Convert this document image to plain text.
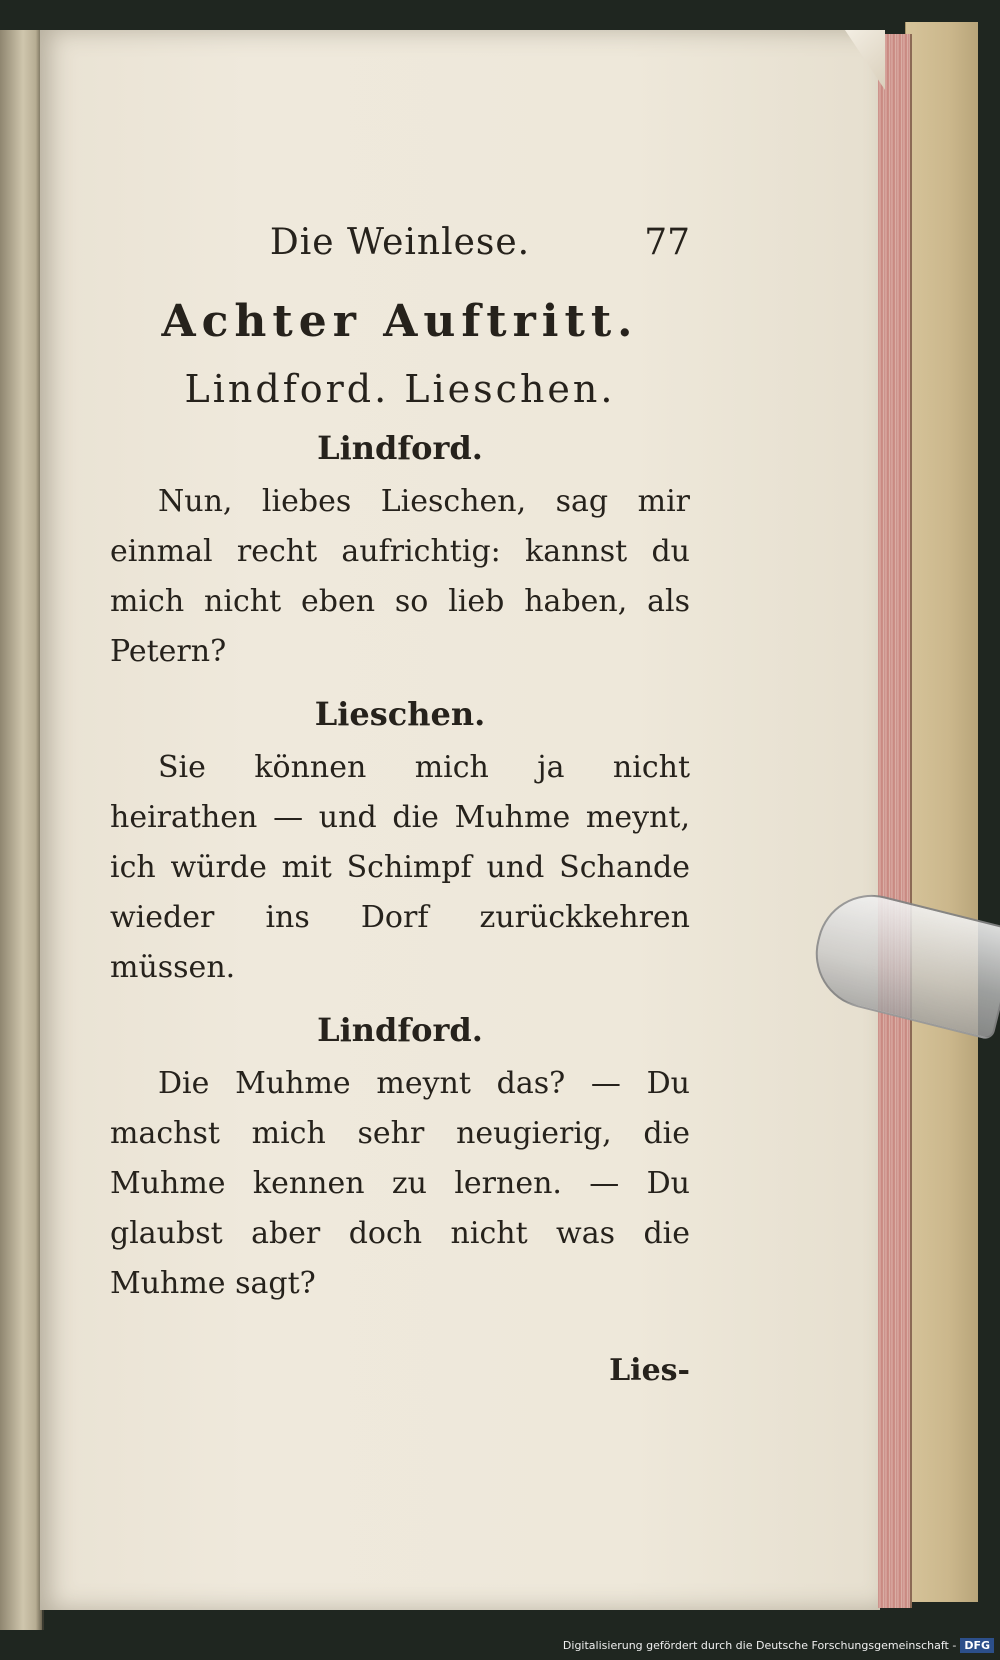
Die Weinlese.	77
Achter Auftritt.
Lindford. Lieschen.
Lindford.
Nun, liebes Lieschen, sag mir einmal recht aufrichtig: kannst du mich nicht eben so lieb haben, als Petern?
Lieschen.
Sie können mich ja nicht heirathen — und die Muhme meynt, ich würde mit Schimpf und Schande wieder ins Dorf zurückkehren müssen.
Lindford.
Die Muhme meynt das? — Du machst mich sehr neugierig, die Muhme kennen zu lernen. — Du glaubst aber doch nicht was die Muhme sagt?
Lies-
Digitalisierung gefördert durch die Deutsche Forschungsgemeinschaft - DFG
